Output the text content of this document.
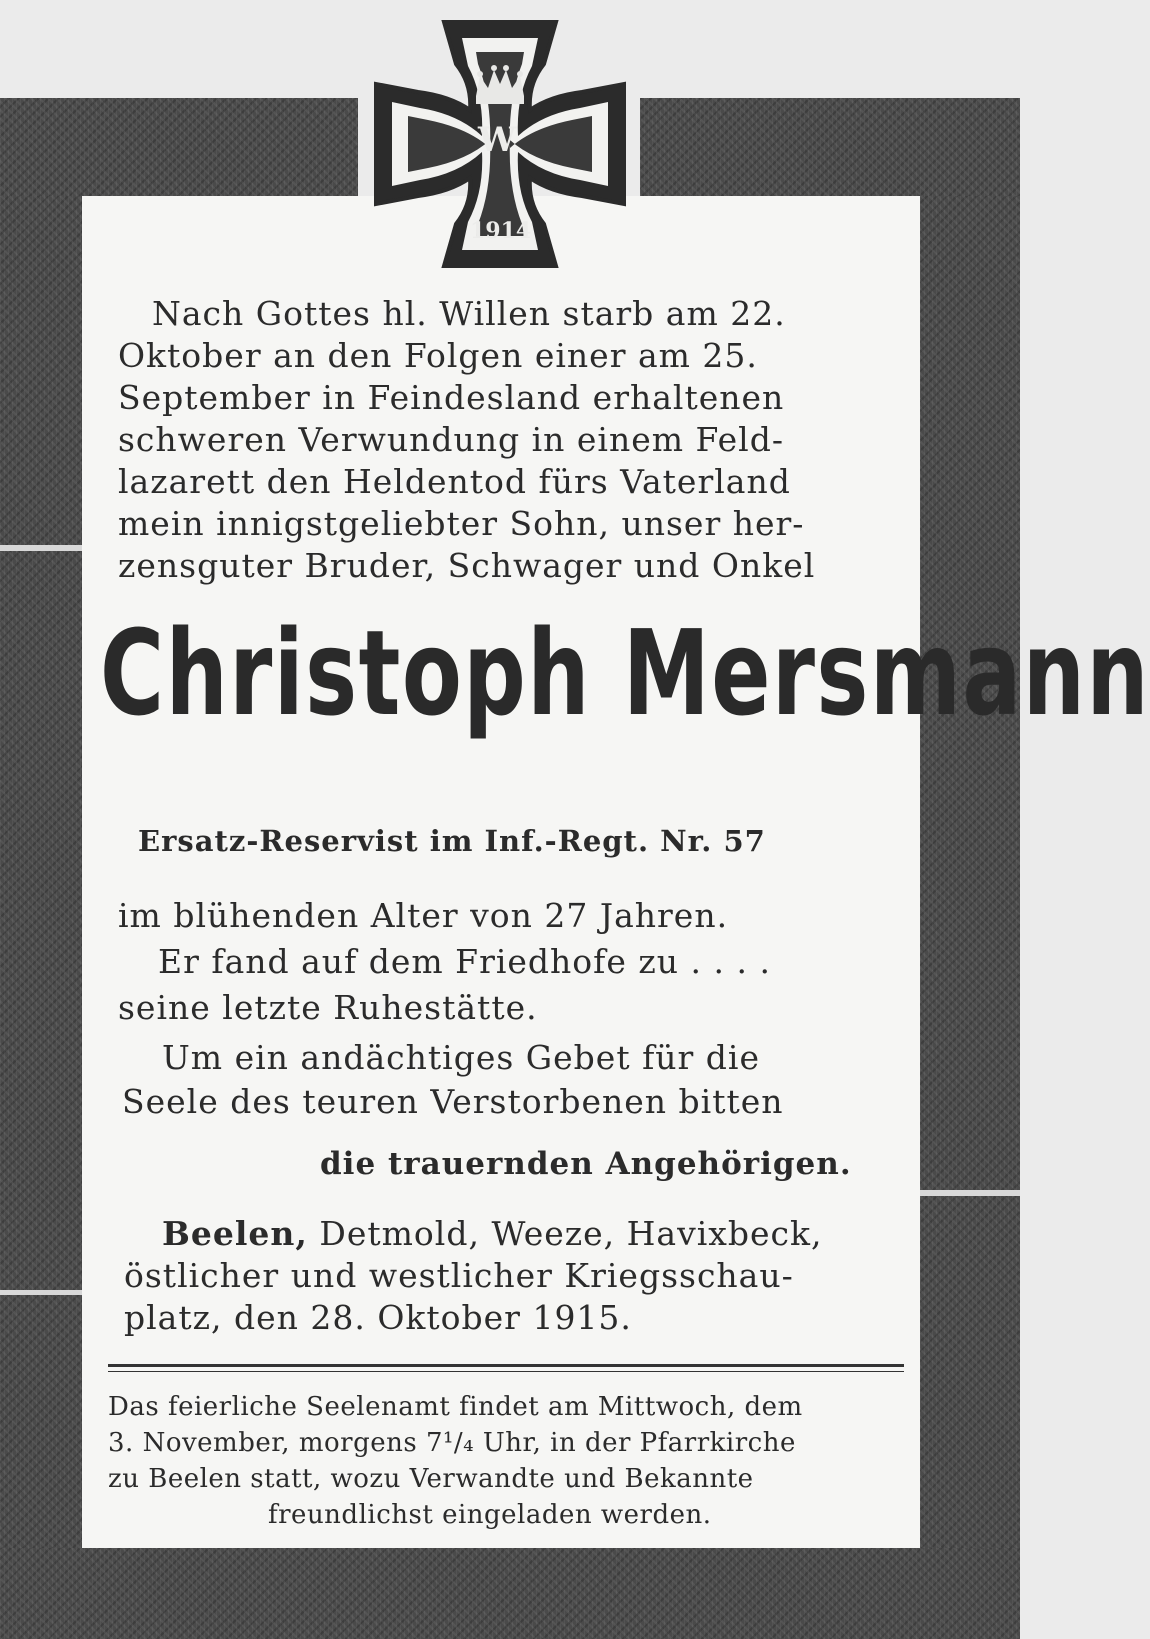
W
1914
Nach Gottes hl. Willen starb am 22.
Oktober an den Folgen einer am 25.
September in Feindesland erhaltenen
schweren Verwundung in einem Feld-
lazarett den Heldentod fürs Vaterland
mein innigstgeliebter Sohn, unser her-
zensguter Bruder, Schwager und Onkel
Christoph Mersmann
Ersatz-Reservist im Inf.-Regt. Nr. 57
im blühenden Alter von 27 Jahren.
Er fand auf dem Friedhofe zu . . . .
seine letzte Ruhestätte.
Um ein andächtiges Gebet für die
Seele des teuren Verstorbenen bitten
die trauernden Angehörigen.
Beelen, Detmold, Weeze, Havixbeck,
östlicher und westlicher Kriegsschau-
platz, den 28. Oktober 1915.
Das feierliche Seelenamt findet am Mittwoch, dem
3. November, morgens 7¹/₄ Uhr, in der Pfarrkirche
zu Beelen statt, wozu Verwandte und Bekannte
freundlichst eingeladen werden.
